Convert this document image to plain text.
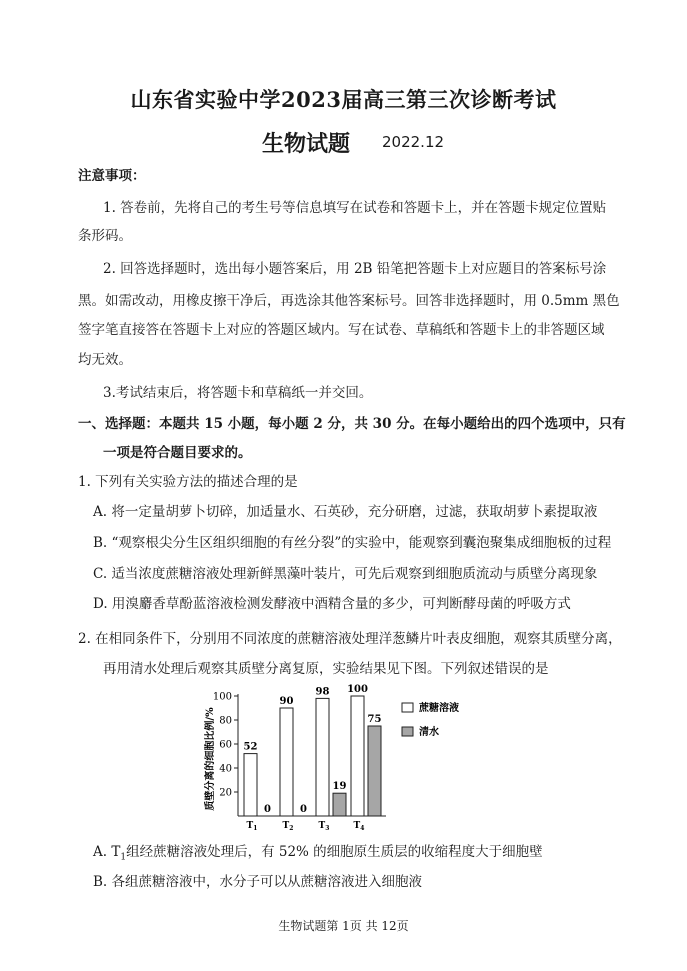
山东省实验中学2023届高三第三次诊断考试
生物试题 2022.12
注意事项：
1. 答卷前，先将自己的考生号等信息填写在试卷和答题卡上，并在答题卡规定位置贴
条形码。
2. 回答选择题时，选出每小题答案后，用 2B 铅笔把答题卡上对应题目的答案标号涂
黑。如需改动，用橡皮擦干净后，再选涂其他答案标号。回答非选择题时，用 0.5mm 黑色
签字笔直接答在答题卡上对应的答题区域内。写在试卷、草稿纸和答题卡上的非答题区域
均无效。
3.考试结束后，将答题卡和草稿纸一并交回。
一、选择题：本题共 15 小题，每小题 2 分，共 30 分。在每小题给出的四个选项中，只有
一项是符合题目要求的。
1. 下列有关实验方法的描述合理的是
A. 将一定量胡萝卜切碎，加适量水、石英砂，充分研磨，过滤，获取胡萝卜素提取液
B. “观察根尖分生区组织细胞的有丝分裂”的实验中，能观察到囊泡聚集成细胞板的过程
C. 适当浓度蔗糖溶液处理新鲜黑藻叶装片，可先后观察到细胞质流动与质壁分离现象
D. 用溴麝香草酚蓝溶液检测发酵液中酒精含量的多少，可判断酵母菌的呼吸方式
2. 在相同条件下，分别用不同浓度的蔗糖溶液处理洋葱鳞片叶表皮细胞，观察其质壁分离，
再用清水处理后观察其质壁分离复原，实验结果见下图。下列叙述错误的是
质壁分离的细胞比例/% 20
40
60
80
100
52
0
90
0
98
19
100
75
$T_1$	$T_2$	$T_3$	$T_4$
蔗糖溶液
清水
A. $T_1$组经蔗糖溶液处理后，有 52% 的细胞原生质层的收缩程度大于细胞壁
B. 各组蔗糖溶液中，水分子可以从蔗糖溶液进入细胞液
生物试题第 1页 共 12页
